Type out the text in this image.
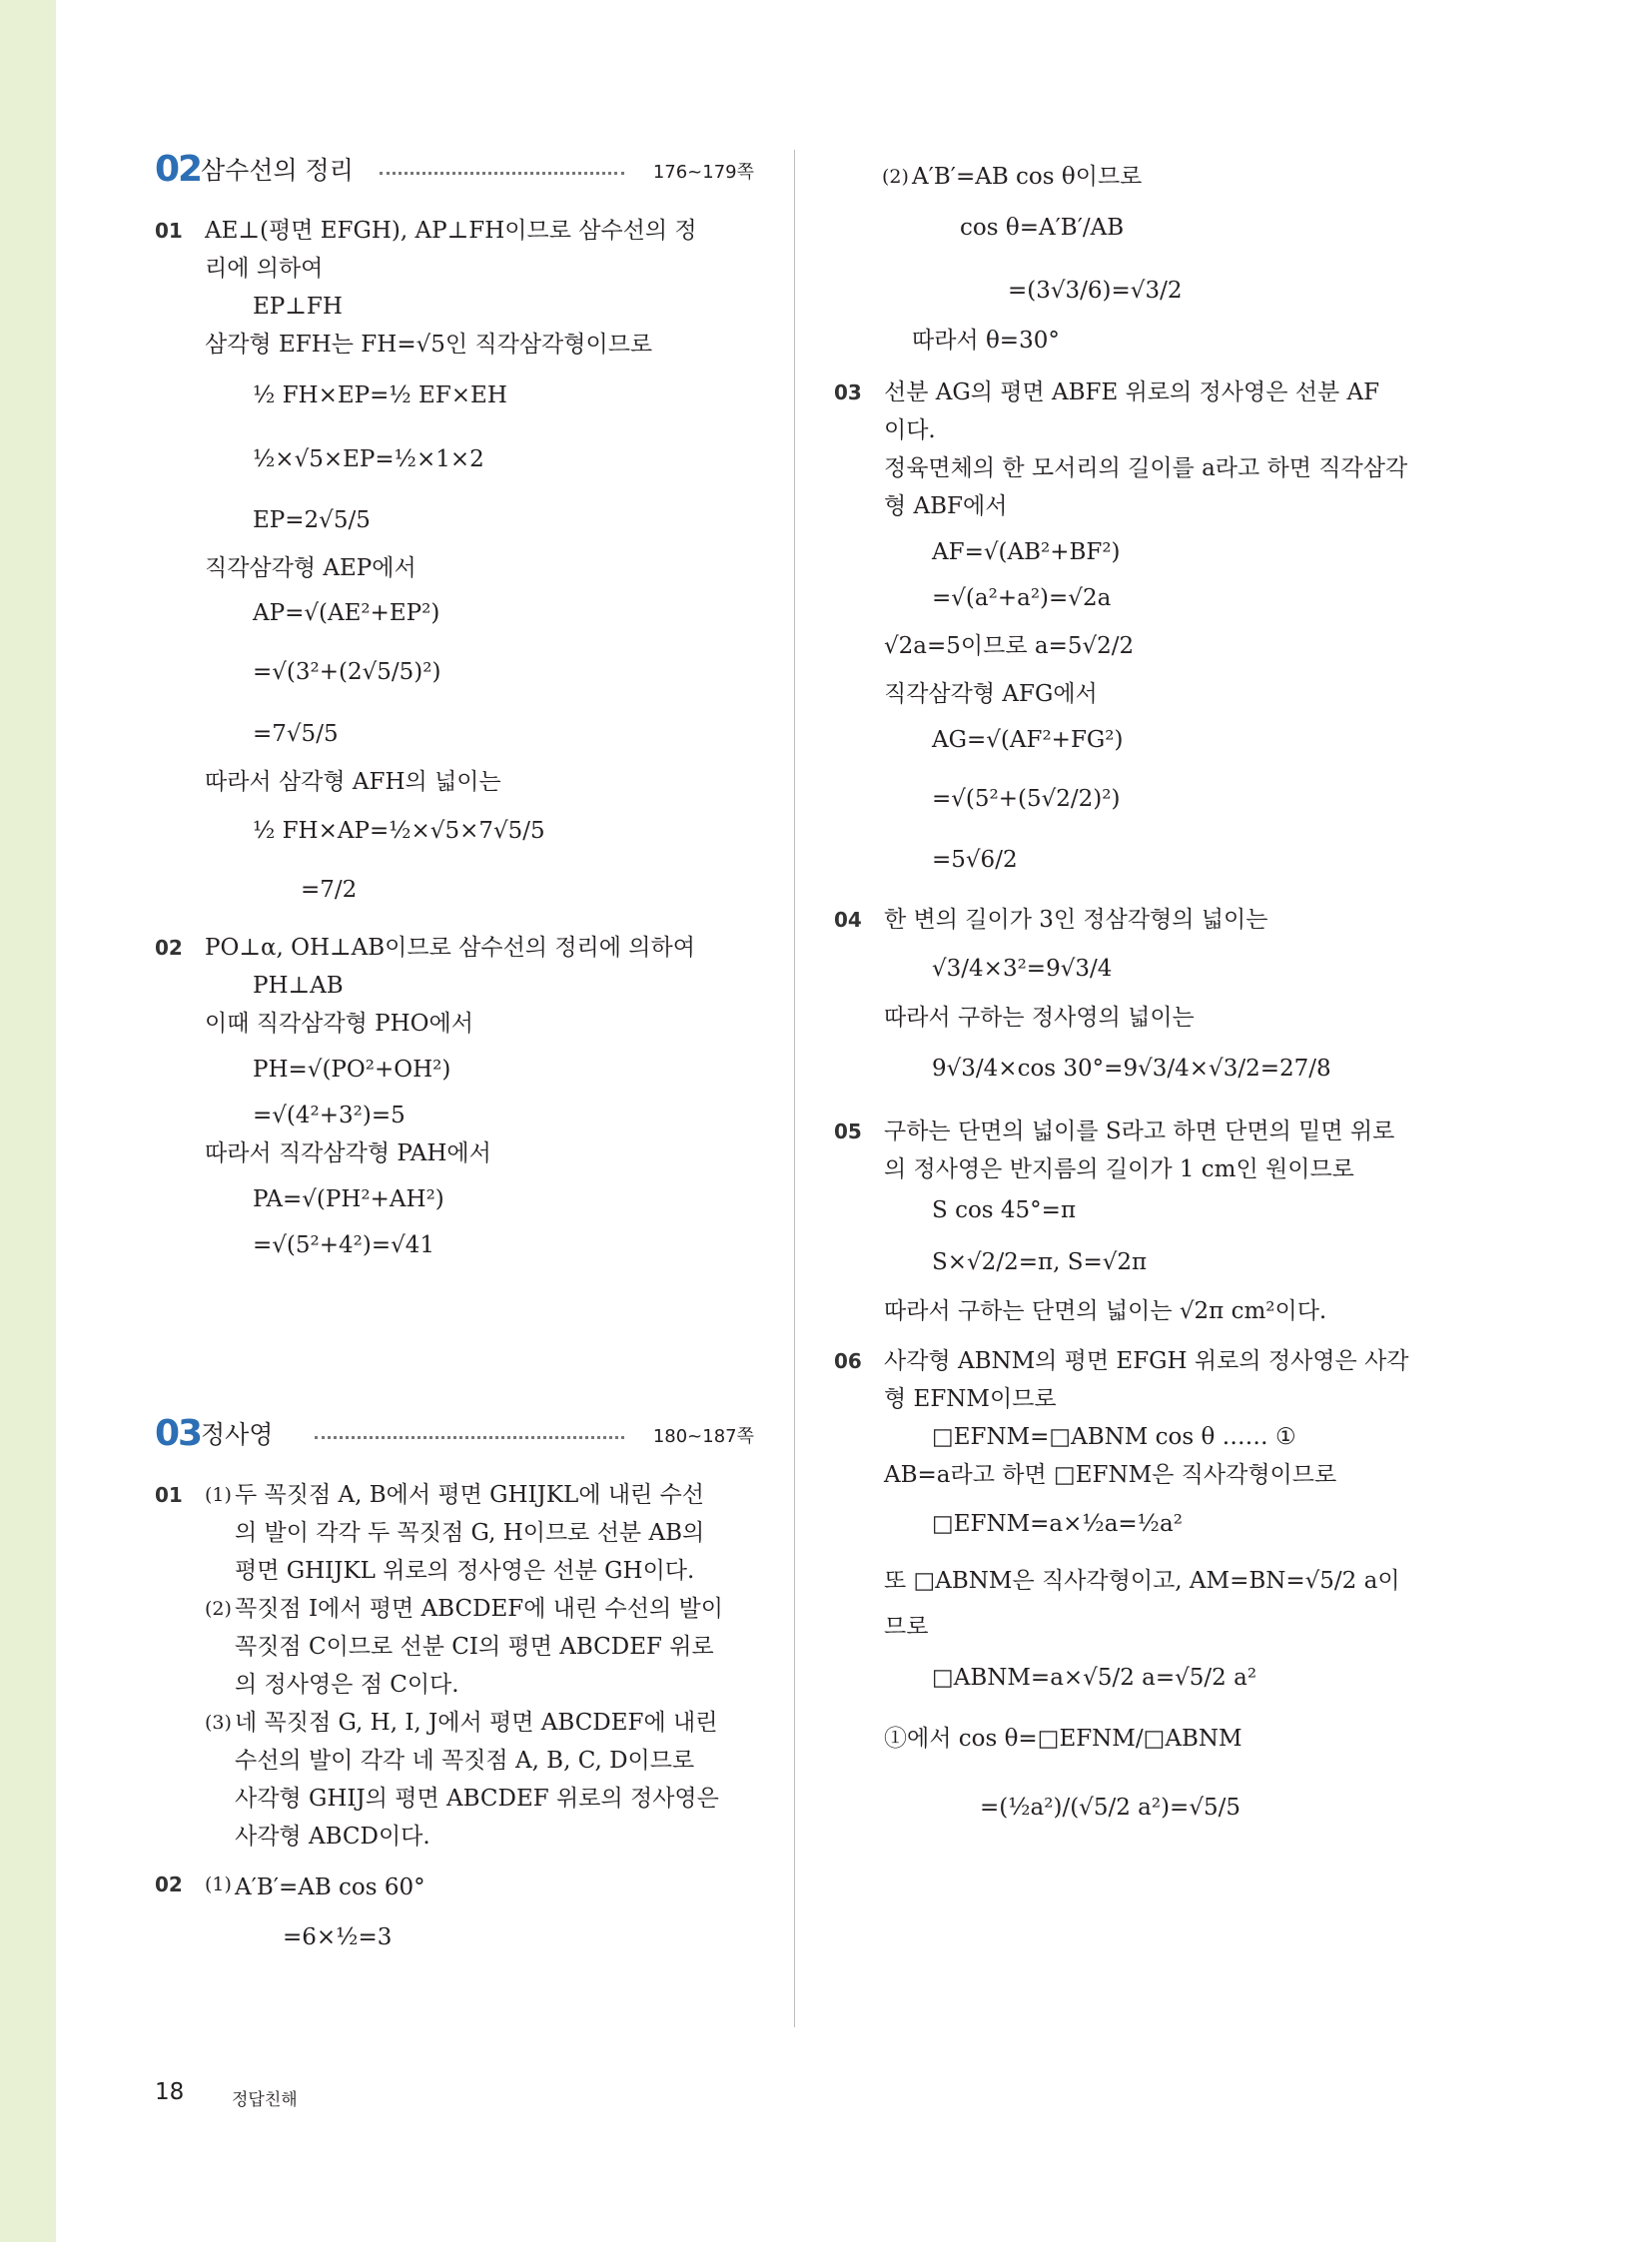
02 삼수선의 정리	176~179쪽
01 AE⊥(평면 EFGH), AP⊥FH이므로 삼수선의 정
리에 의하여
EP⊥FH
삼각형 EFH는 FH=√5인 직각삼각형이므로
½ FH×EP=½ EF×EH
½×√5×EP=½×1×2
EP=2√5/5
직각삼각형 AEP에서
AP=√(AE²+EP²)
=√(3²+(2√5/5)²)
=7√5/5
따라서 삼각형 AFH의 넓이는
½ FH×AP=½×√5×7√5/5
=7/2
02 PO⊥α, OH⊥AB이므로 삼수선의 정리에 의하여
PH⊥AB
이때 직각삼각형 PHO에서
PH=√(PO²+OH²)
=√(4²+3²)=5
따라서 직각삼각형 PAH에서
PA=√(PH²+AH²)
=√(5²+4²)=√41
03 정사영	180~187쪽
01 (1) 두 꼭짓점 A, B에서 평면 GHIJKL에 내린 수선
의 발이 각각 두 꼭짓점 G, H이므로 선분 AB의
평면 GHIJKL 위로의 정사영은 선분 GH이다.
(2) 꼭짓점 I에서 평면 ABCDEF에 내린 수선의 발이
꼭짓점 C이므로 선분 CI의 평면 ABCDEF 위로
의 정사영은 점 C이다.
(3) 네 꼭짓점 G, H, I, J에서 평면 ABCDEF에 내린
수선의 발이 각각 네 꼭짓점 A, B, C, D이므로
사각형 GHIJ의 평면 ABCDEF 위로의 정사영은
사각형 ABCD이다.
02 (1) A′B′=AB cos 60°
=6×½=3
(2) A′B′=AB cos θ이므로
cos θ=A′B′/AB
=(3√3/6)=√3/2
따라서 θ=30°
03 선분 AG의 평면 ABFE 위로의 정사영은 선분 AF
이다.
정육면체의 한 모서리의 길이를 a라고 하면 직각삼각
형 ABF에서
AF=√(AB²+BF²)
=√(a²+a²)=√2a
√2a=5이므로 a=5√2/2
직각삼각형 AFG에서
AG=√(AF²+FG²)
=√(5²+(5√2/2)²)
=5√6/2
04 한 변의 길이가 3인 정삼각형의 넓이는
√3/4×3²=9√3/4
따라서 구하는 정사영의 넓이는
9√3/4×cos 30°=9√3/4×√3/2=27/8
05 구하는 단면의 넓이를 S라고 하면 단면의 밑면 위로
의 정사영은 반지름의 길이가 1 cm인 원이므로
S cos 45°=π
S×√2/2=π, S=√2π
따라서 구하는 단면의 넓이는 √2π cm²이다.
06 사각형 ABNM의 평면 EFGH 위로의 정사영은 사각
형 EFNM이므로
□EFNM=□ABNM cos θ …… ①
AB=a라고 하면 □EFNM은 직사각형이므로
□EFNM=a×½a=½a²
또 □ABNM은 직사각형이고, AM=BN=√5/2 a이
므로
□ABNM=a×√5/2 a=√5/2 a²
①에서 cos θ=□EFNM/□ABNM
=(½a²)/(√5/2 a²)=√5/5
18	정답친해
